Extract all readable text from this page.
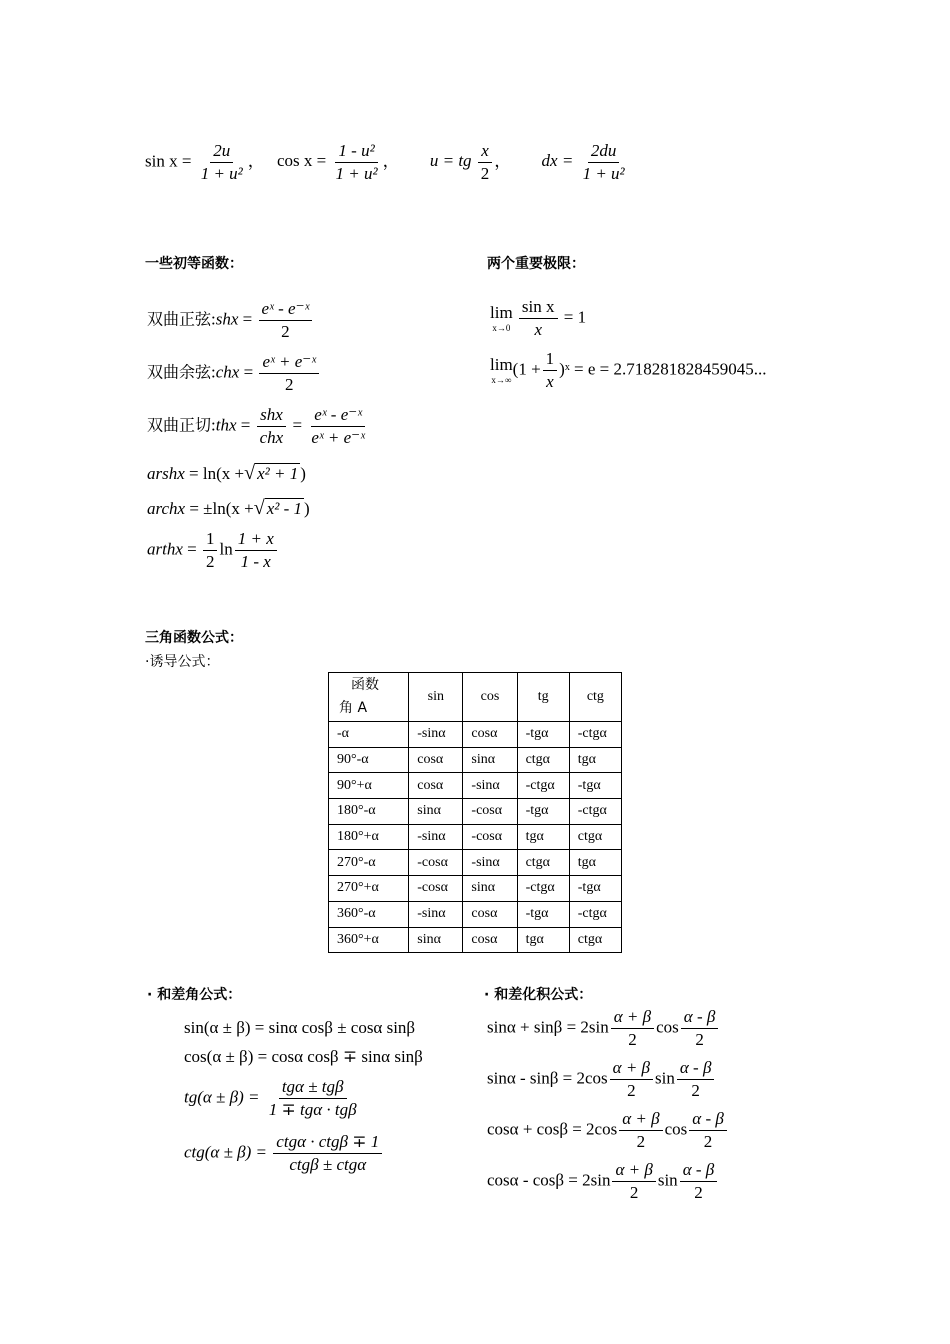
$\sin x = \frac{2u}{\text{1 + u²}}$ ， $\cos x = \frac{\text{1 - u²}}{\text{1 + u²}}$ ， u = tg $\frac{x}{2}$ ， dx = $\frac{2du}{\text{1 + u²}}$
一些初等函数：
双曲正弦:shx = $\frac{\text{eˣ - e⁻ˣ}}{2}$
双曲余弦:chx = $\frac{\text{eˣ + e⁻ˣ}}{2}$
双曲正切:thx = $\frac{\text{shx}}{\text{chx}} = \frac{\text{eˣ - e⁻ˣ}}{\text{eˣ + e⁻ˣ}}$
arshx = ln(x +√ x² + 1 )
archx = ±ln(x +√ x² - 1 )
arthx = $\frac{1}{2}$ $\ln \frac{1 + x}{1 - x}$
两个重要极限：
lim
x→0
$\frac{\text{sin x}}{x} = 1$
lim
x→∞
($1 + \frac{1}{x}$ )ˣ = e = 2.718281828459045...
三角函数公式：
·诱导公式：
函数
角 A	sin	cos	tg	ctg
-α	-sinα	cosα	-tgα	-ctgα
90°-α	cosα	sinα	ctgα	tgα
90°+α	cosα	-sinα	-ctgα	-tgα
180°-α	sinα	-cosα	-tgα	-ctgα
180°+α	-sinα	-cosα	tgα	ctgα
270°-α	-cosα	-sinα	ctgα	tgα
270°+α	-cosα	sinα	-ctgα	-tgα
360°-α	-sinα	cosα	-tgα	-ctgα
360°+α	sinα	cosα	tgα	ctgα
· 和差角公式：
sin(α ± β) = sinα cosβ ± cosα sinβ
cos(α ± β) = cosα cosβ ∓ sinα sinβ
$tg(\alpha \pm \beta) = \frac{\text{tgα ± tgβ}}{\text{1 ∓ tgα · tgβ}}$
$ctg(\alpha \pm \beta) = \frac{\text{ctgα · ctgβ ∓ 1}}{\text{ctgβ ± ctgα}}$
· 和差化积公式：
$\sin\alpha + \sin\beta = 2\sin \frac{\alpha + \beta}{2}$ $\cos \frac{\alpha - \beta}{2}$
$\sin\alpha - \sin\beta = 2\cos \frac{\alpha + \beta}{2}$ $\sin \frac{\alpha - \beta}{2}$
$\cos\alpha + \cos\beta = 2\cos \frac{\alpha + \beta}{2}$ $\cos \frac{\alpha - \beta}{2}$
$\cos\alpha - \cos\beta = 2\sin \frac{\alpha + \beta}{2}$ $\sin \frac{\alpha - \beta}{2}$
